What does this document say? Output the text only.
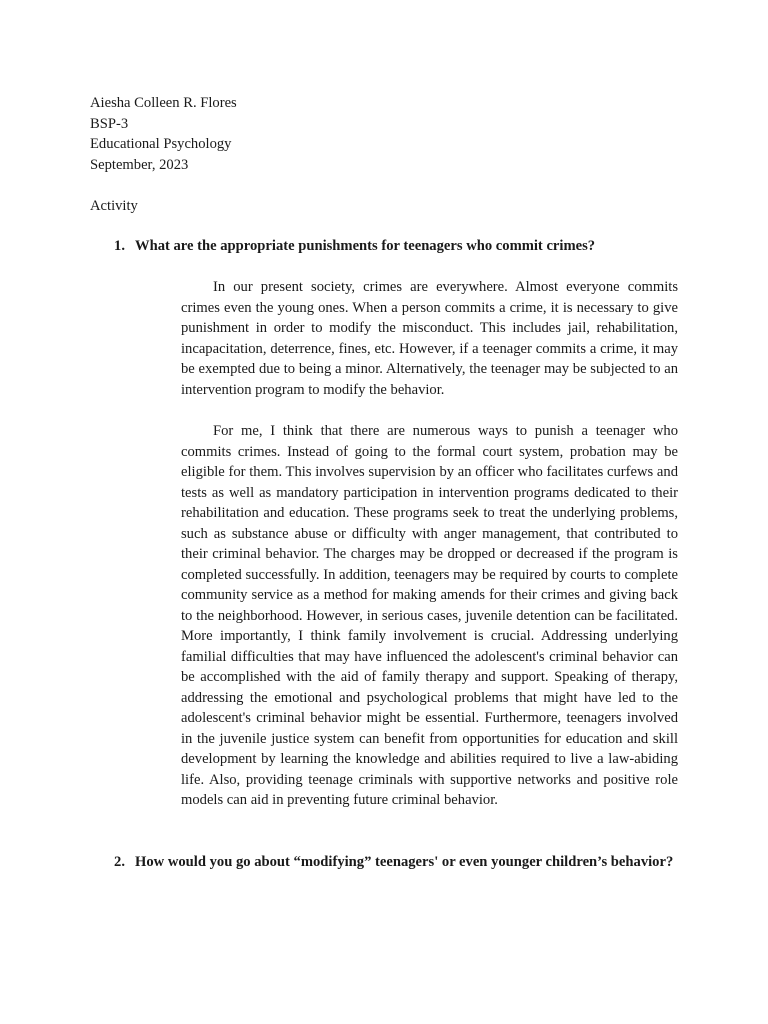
Aiesha Colleen R. Flores
BSP-3
Educational Psychology
September, 2023
Activity
1. What are the appropriate punishments for teenagers who commit crimes?

In our present society, crimes are everywhere. Almost everyone commits crimes even the young ones. When a person commits a crime, it is necessary to give punishment in order to modify the misconduct. This includes jail, rehabilitation, incapacitation, deterrence, fines, etc. However, if a teenager commits a crime, it may be exempted due to being a minor. Alternatively, the teenager may be subjected to an intervention program to modify the behavior.

For me, I think that there are numerous ways to punish a teenager who commits crimes. Instead of going to the formal court system, probation may be eligible for them. This involves supervision by an officer who facilitates curfews and tests as well as mandatory participation in intervention programs dedicated to their rehabilitation and education. These programs seek to treat the underlying problems, such as substance abuse or difficulty with anger management, that contributed to their criminal behavior. The charges may be dropped or decreased if the program is completed successfully. In addition, teenagers may be required by courts to complete community service as a method for making amends for their crimes and giving back to the neighborhood. However, in serious cases, juvenile detention can be facilitated. More importantly, I think family involvement is crucial. Addressing underlying familial difficulties that may have influenced the adolescent's criminal behavior can be accomplished with the aid of family therapy and support. Speaking of therapy, addressing the emotional and psychological problems that might have led to the adolescent's criminal behavior might be essential. Furthermore, teenagers involved in the juvenile justice system can benefit from opportunities for education and skill development by learning the knowledge and abilities required to live a law-abiding life. Also, providing teenage criminals with supportive networks and positive role models can aid in preventing future criminal behavior.

2. How would you go about “modifying” teenagers' or even younger children’s behavior?
